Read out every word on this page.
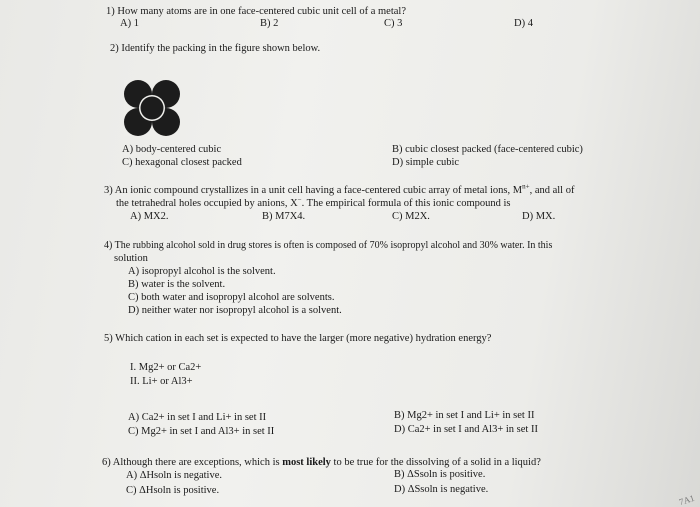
1) How many atoms are in one face-centered cubic unit cell of a metal?
A) 1	B) 2	C) 3	D) 4
2) Identify the packing in the figure shown below.
A) body-centered cubic	B) cubic closest packed (face-centered cubic)
C) hexagonal closest packed	D) simple cubic
3) An ionic compound crystallizes in a unit cell having a face-centered cubic array of metal ions, $M^{n+}$, and all of
the tetrahedral holes occupied by anions, X−. The empirical formula of this ionic compound is
A) MX2.	B) M7X4.	C) M2X.	D) MX.
4) The rubbing alcohol sold in drug stores is often is composed of 70% isopropyl alcohol and 30% water. In this
solution
A) isopropyl alcohol is the solvent.
B) water is the solvent.
C) both water and isopropyl alcohol are solvents.
D) neither water nor isopropyl alcohol is a solvent.
5) Which cation in each set is expected to have the larger (more negative) hydration energy?
I. Mg2+ or Ca2+
II. Li+ or Al3+
A) Ca2+ in set I and Li+ in set II	B) Mg2+ in set I and Li+ in set II
C) Mg2+ in set I and Al3+ in set II	D) Ca2+ in set I and Al3+ in set II
6) Although there are exceptions, which is most likely to be true for the dissolving of a solid in a liquid?
A) ΔHsoln is negative.	B) ΔSsoln is positive.
C) ΔHsoln is positive.	D) ΔSsoln is negative.
7A1
